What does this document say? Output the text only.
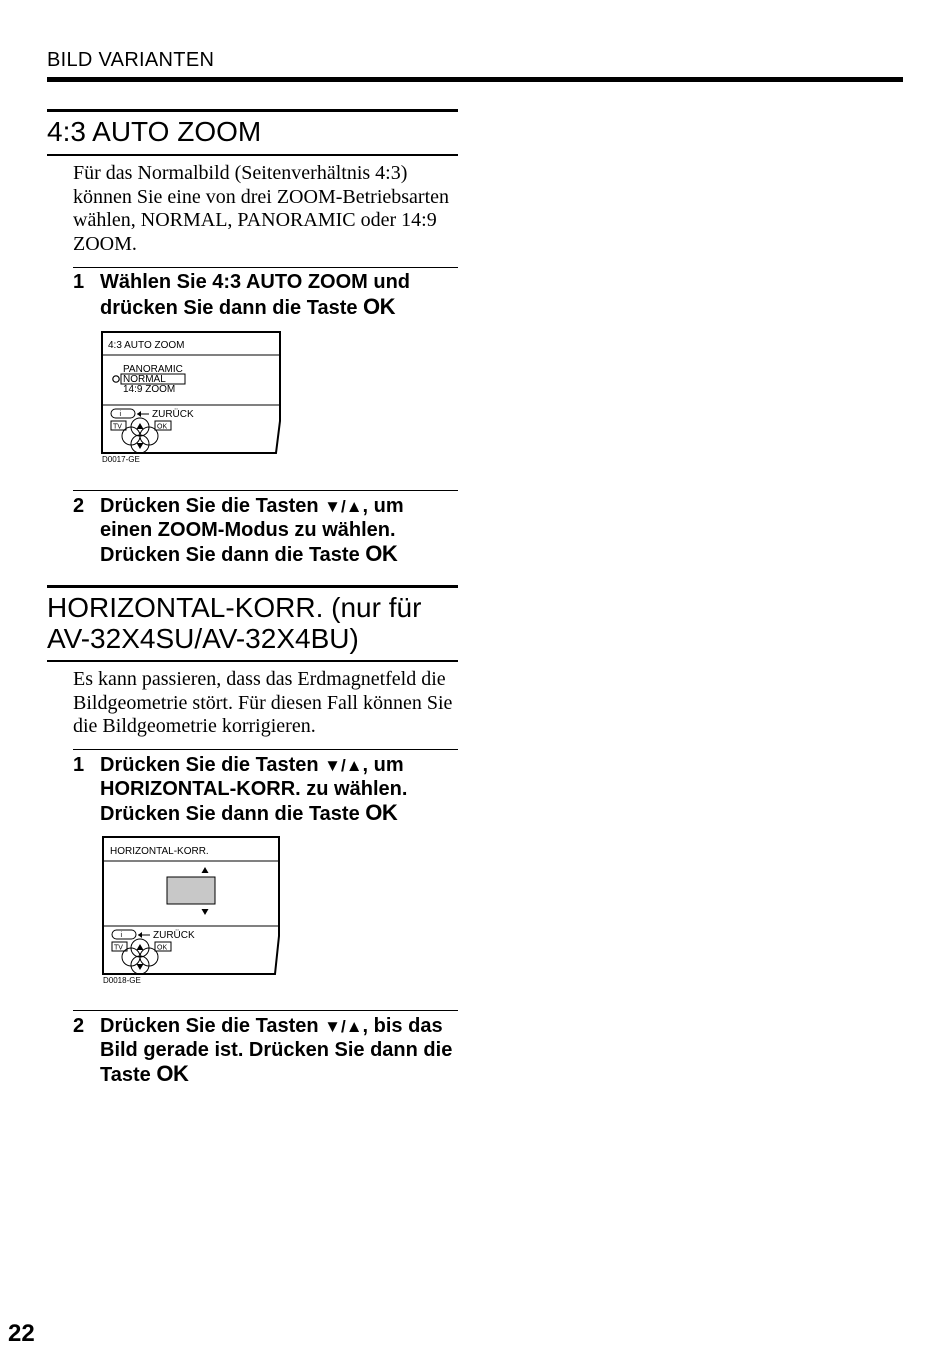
BILD VARIANTEN
4:3 AUTO ZOOM
Für das Normalbild (Seitenverhältnis 4:3) können Sie eine von drei ZOOM-Betriebsarten wählen, NORMAL, PANORAMIC oder 14:9 ZOOM.
1 Wählen Sie 4:3 AUTO ZOOM und drücken Sie dann die Taste OK
4:3 AUTO ZOOM
PANORAMIC
NORMAL
14:9 ZOOM
i	ZURÜCK
TV	OK
D0017-GE
2 Drücken Sie die Tasten ▼/▲, um einen ZOOM-Modus zu wählen. Drücken Sie dann die Taste OK
HORIZONTAL-KORR. (nur für
AV-32X4SU/AV-32X4BU)
Es kann passieren, dass das Erdmagnetfeld die Bildgeometrie stört. Für diesen Fall können Sie die Bildgeometrie korrigieren.
1 Drücken Sie die Tasten ▼/▲, um HORIZONTAL-KORR. zu wählen. Drücken Sie dann die Taste OK
HORIZONTAL-KORR.
i	ZURÜCK
TV	OK
D0018-GE
2 Drücken Sie die Tasten ▼/▲, bis das Bild gerade ist. Drücken Sie dann die Taste OK
22
